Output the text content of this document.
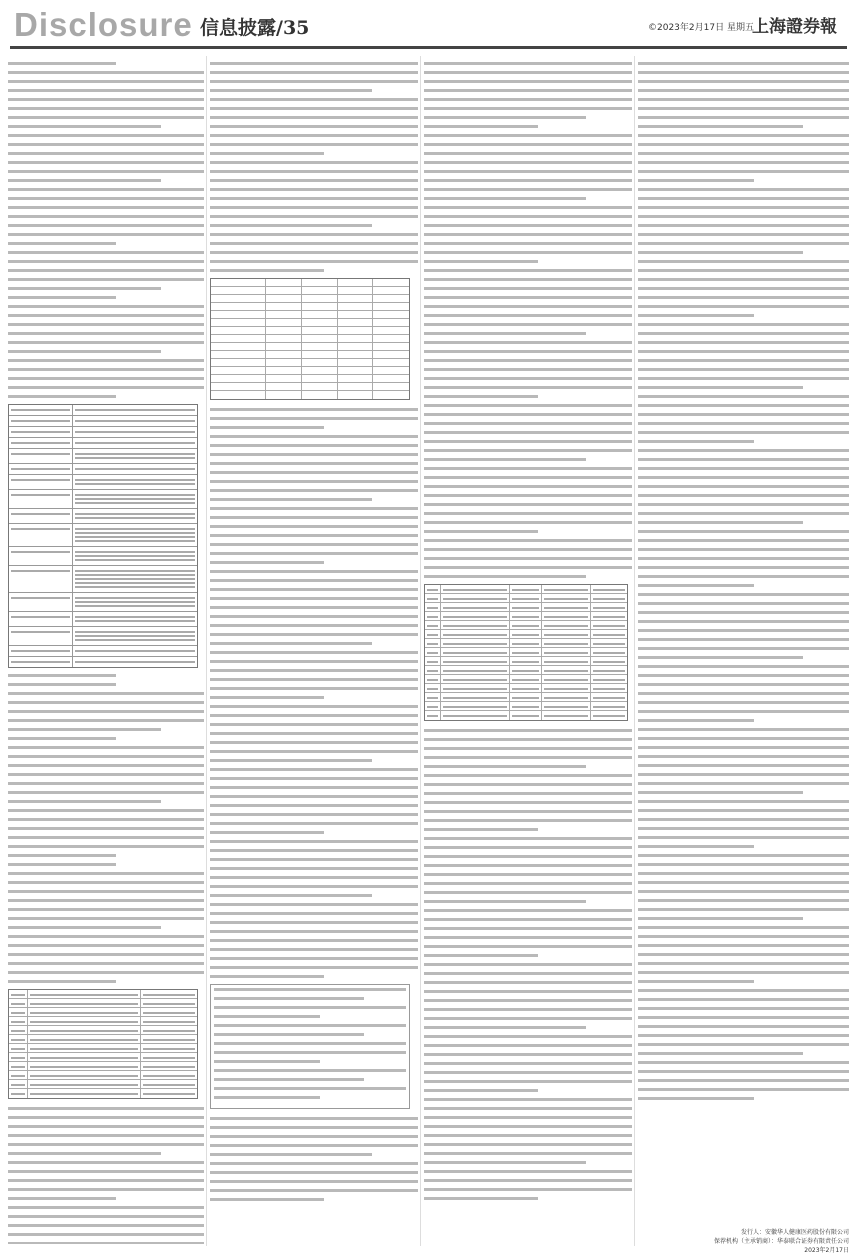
Disclosure 信息披露/35	©2023年2月17日 星期五
上海證券報
发行人：安徽华人健康医药股份有限公司
保荐机构（主承销商）：华泰联合证券有限责任公司
2023年2月17日
